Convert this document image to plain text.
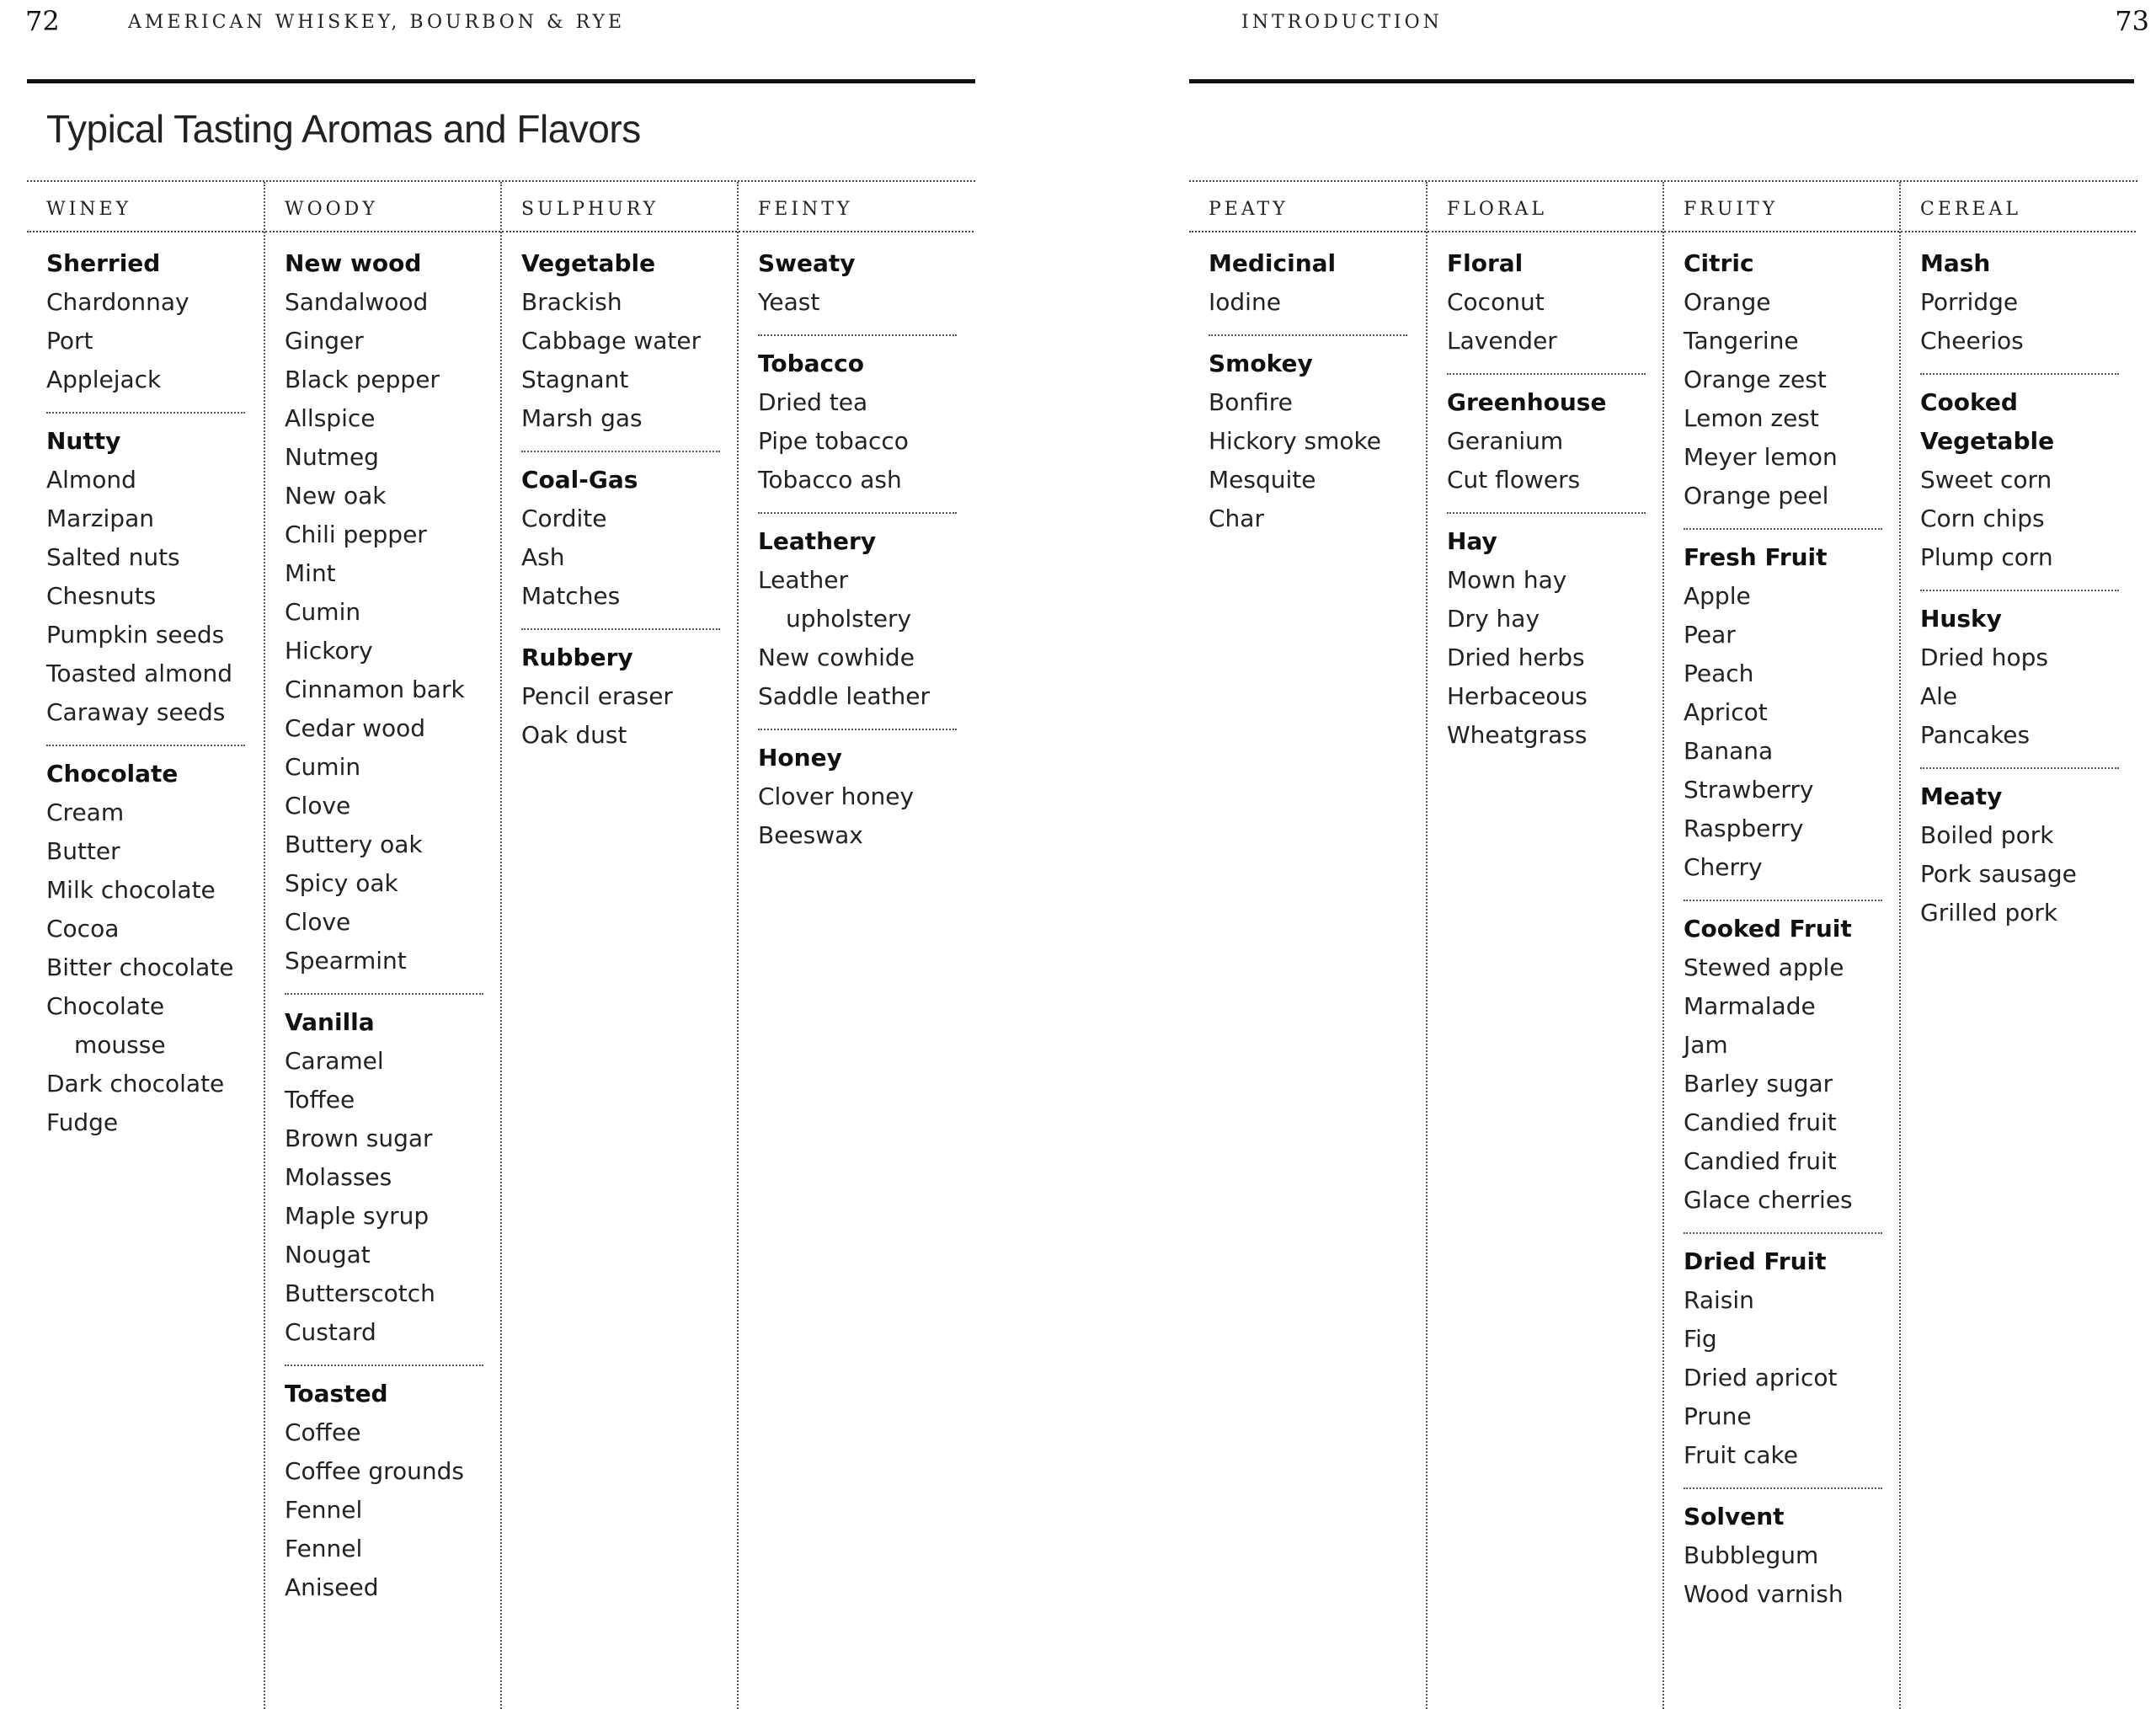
72	AMERICAN WHISKEY, BOURBON & RYE
Typical Tasting Aromas and Flavors
WINEY
Sherried
Chardonnay
Port
Applejack
Nutty
Almond
Marzipan
Salted nuts
Chesnuts
Pumpkin seeds
Toasted almond
Caraway seeds
Chocolate
Cream
Butter
Milk chocolate
Cocoa
Bitter chocolate
Chocolate
mousse
Dark chocolate
Fudge
WOODY
New wood
Sandalwood
Ginger
Black pepper
Allspice
Nutmeg
New oak
Chili pepper
Mint
Cumin
Hickory
Cinnamon bark
Cedar wood
Cumin
Clove
Buttery oak
Spicy oak
Clove
Spearmint
Vanilla
Caramel
Toffee
Brown sugar
Molasses
Maple syrup
Nougat
Butterscotch
Custard
Toasted
Coffee
Coffee grounds
Fennel
Fennel
Aniseed
SULPHURY
Vegetable
Brackish
Cabbage water
Stagnant
Marsh gas
Coal-Gas
Cordite
Ash
Matches
Rubbery
Pencil eraser
Oak dust
FEINTY
Sweaty
Yeast
Tobacco
Dried tea
Pipe tobacco
Tobacco ash
Leathery
Leather
upholstery
New cowhide
Saddle leather
Honey
Clover honey
Beeswax
73
INTRODUCTION
PEATY
Medicinal
Iodine
Smokey
Bonfire
Hickory smoke
Mesquite
Char
FLORAL
Floral
Coconut
Lavender
Greenhouse
Geranium
Cut flowers
Hay
Mown hay
Dry hay
Dried herbs
Herbaceous
Wheatgrass
FRUITY
Citric
Orange
Tangerine
Orange zest
Lemon zest
Meyer lemon
Orange peel
Fresh Fruit
Apple
Pear
Peach
Apricot
Banana
Strawberry
Raspberry
Cherry
Cooked Fruit
Stewed apple
Marmalade
Jam
Barley sugar
Candied fruit
Candied fruit
Glace cherries
Dried Fruit
Raisin
Fig
Dried apricot
Prune
Fruit cake
Solvent
Bubblegum
Wood varnish
CEREAL
Mash
Porridge
Cheerios
Cooked
Vegetable
Sweet corn
Corn chips
Plump corn
Husky
Dried hops
Ale
Pancakes
Meaty
Boiled pork
Pork sausage
Grilled pork
